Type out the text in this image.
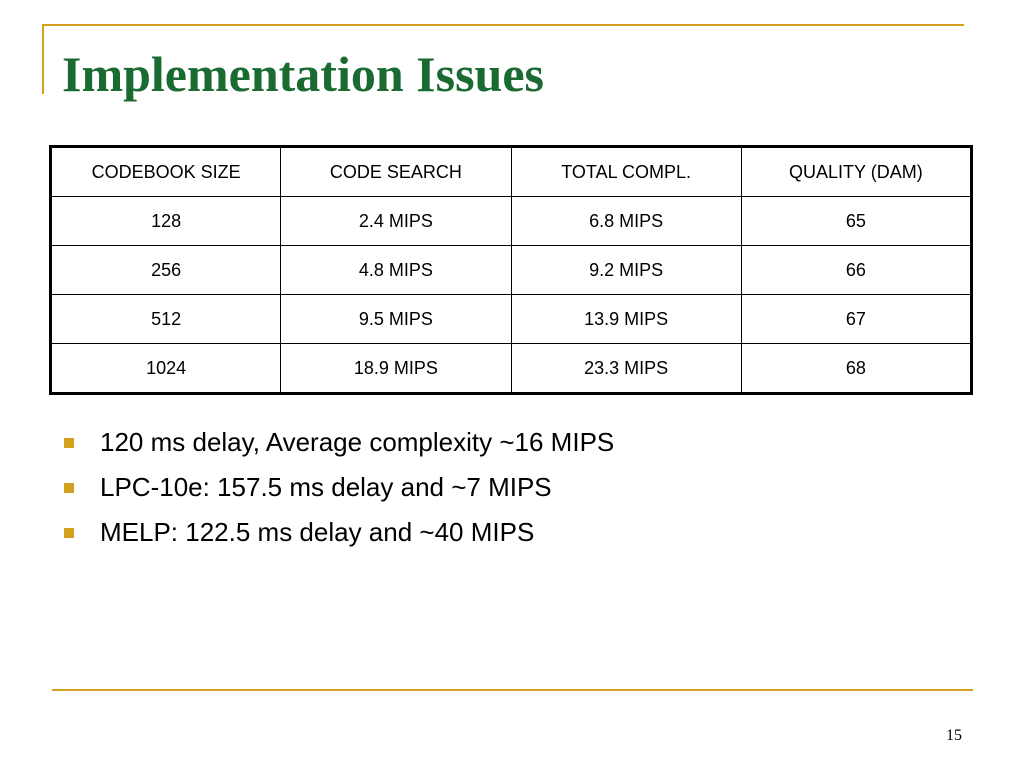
Implementation Issues
CODEBOOK SIZE	CODE SEARCH	TOTAL COMPL.	QUALITY (DAM)
128	2.4 MIPS	6.8 MIPS	65
256	4.8 MIPS	9.2 MIPS	66
512	9.5 MIPS	13.9 MIPS	67
1024	18.9 MIPS	23.3 MIPS	68
120 ms delay, Average complexity ~16 MIPS
LPC-10e: 157.5 ms delay and ~7 MIPS
MELP: 122.5 ms delay and ~40 MIPS
15
